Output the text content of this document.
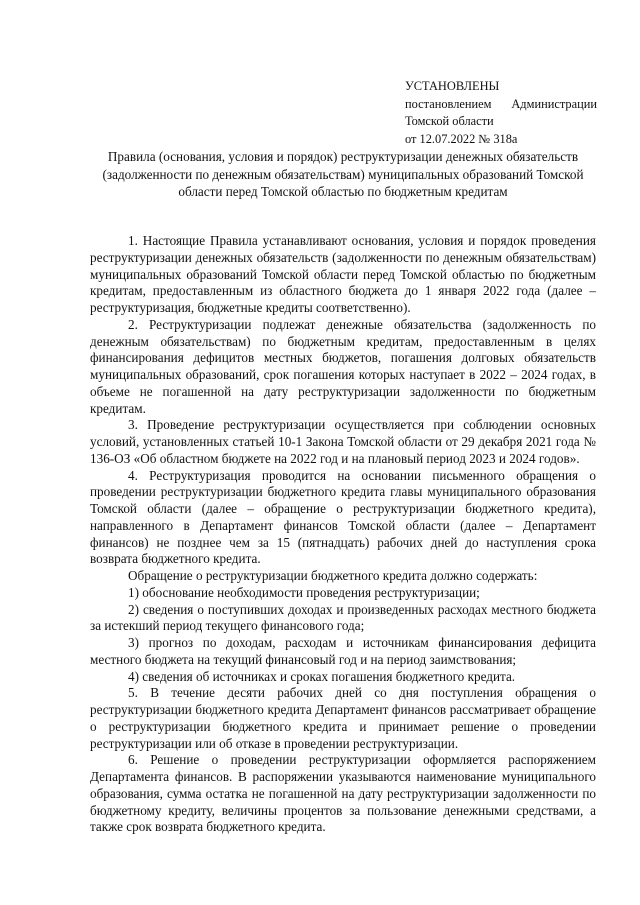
УСТАНОВЛЕНЫ
постановлением Администрации
Томской области
от 12.07.2022 № 318а
Правила (основания, условия и порядок) реструктуризации денежных обязательств (задолженности по денежным обязательствам) муниципальных образований Томской области перед Томской областью по бюджетным кредитам

1. Настоящие Правила устанавливают основания, условия и порядок проведения реструктуризации денежных обязательств (задолженности по денежным обязательствам) муниципальных образований Томской области перед Томской областью по бюджетным кредитам, предоставленным из областного бюджета до 1 января 2022 года (далее – реструктуризация, бюджетные кредиты соответственно).

2. Реструктуризации подлежат денежные обязательства (задолженность по денежным обязательствам) по бюджетным кредитам, предоставленным в целях финансирования дефицитов местных бюджетов, погашения долговых обязательств муниципальных образований, срок погашения которых наступает в 2022 – 2024 годах, в объеме не погашенной на дату реструктуризации задолженности по бюджетным кредитам.

3. Проведение реструктуризации осуществляется при соблюдении основных условий, установленных статьей 10-1 Закона Томской области от 29 декабря 2021 года № 136-ОЗ «Об областном бюджете на 2022 год и на плановый период 2023 и 2024 годов».

4. Реструктуризация проводится на основании письменного обращения о проведении реструктуризации бюджетного кредита главы муниципального образования Томской области (далее – обращение о реструктуризации бюджетного кредита), направленного в Департамент финансов Томской области (далее – Департамент финансов) не позднее чем за 15 (пятнадцать) рабочих дней до наступления срока возврата бюджетного кредита.

Обращение о реструктуризации бюджетного кредита должно содержать:

1) обоснование необходимости проведения реструктуризации;

2) сведения о поступивших доходах и произведенных расходах местного бюджета за истекший период текущего финансового года;

3) прогноз по доходам, расходам и источникам финансирования дефицита местного бюджета на текущий финансовый год и на период заимствования;

4) сведения об источниках и сроках погашения бюджетного кредита.

5. В течение десяти рабочих дней со дня поступления обращения о реструктуризации бюджетного кредита Департамент финансов рассматривает обращение о реструктуризации бюджетного кредита и принимает решение о проведении реструктуризации или об отказе в проведении реструктуризации.

6. Решение о проведении реструктуризации оформляется распоряжением Департамента финансов. В распоряжении указываются наименование муниципального образования, сумма остатка не погашенной на дату реструктуризации задолженности по бюджетному кредиту, величины процентов за пользование денежными средствами, а также срок возврата бюджетного кредита.
